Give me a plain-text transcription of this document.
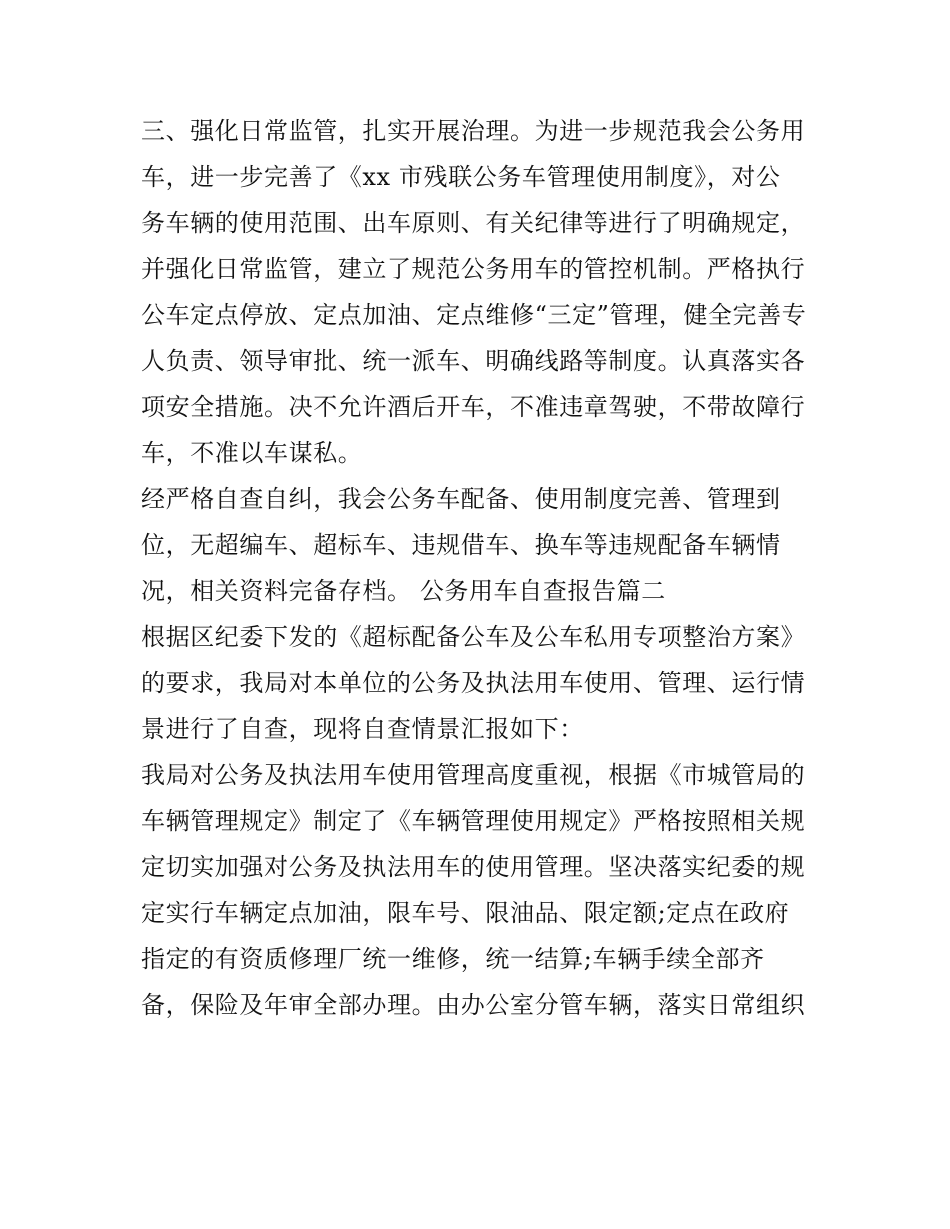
三、强化日常监管，扎实开展治理。为进一步规范我会公务用
车，进一步完善了《xx 市残联公务车管理使用制度》，对公
务车辆的使用范围、出车原则、有关纪律等进行了明确规定，
并强化日常监管，建立了规范公务用车的管控机制。严格执行
公车定点停放、定点加油、定点维修“三定”管理，健全完善专
人负责、领导审批、统一派车、明确线路等制度。认真落实各
项安全措施。决不允许酒后开车，不准违章驾驶，不带故障行
车，不准以车谋私。
经严格自查自纠，我会公务车配备、使用制度完善、管理到
位，无超编车、超标车、违规借车、换车等违规配备车辆情
况，相关资料完备存档。 公务用车自查报告篇二
根据区纪委下发的《超标配备公车及公车私用专项整治方案》
的要求，我局对本单位的公务及执法用车使用、管理、运行情
景进行了自查，现将自查情景汇报如下：
我局对公务及执法用车使用管理高度重视，根据《市城管局的
车辆管理规定》制定了《车辆管理使用规定》严格按照相关规
定切实加强对公务及执法用车的使用管理。坚决落实纪委的规
定实行车辆定点加油，限车号、限油品、限定额;定点在政府
指定的有资质修理厂统一维修，统一结算;车辆手续全部齐
备，保险及年审全部办理。由办公室分管车辆，落实日常组织
